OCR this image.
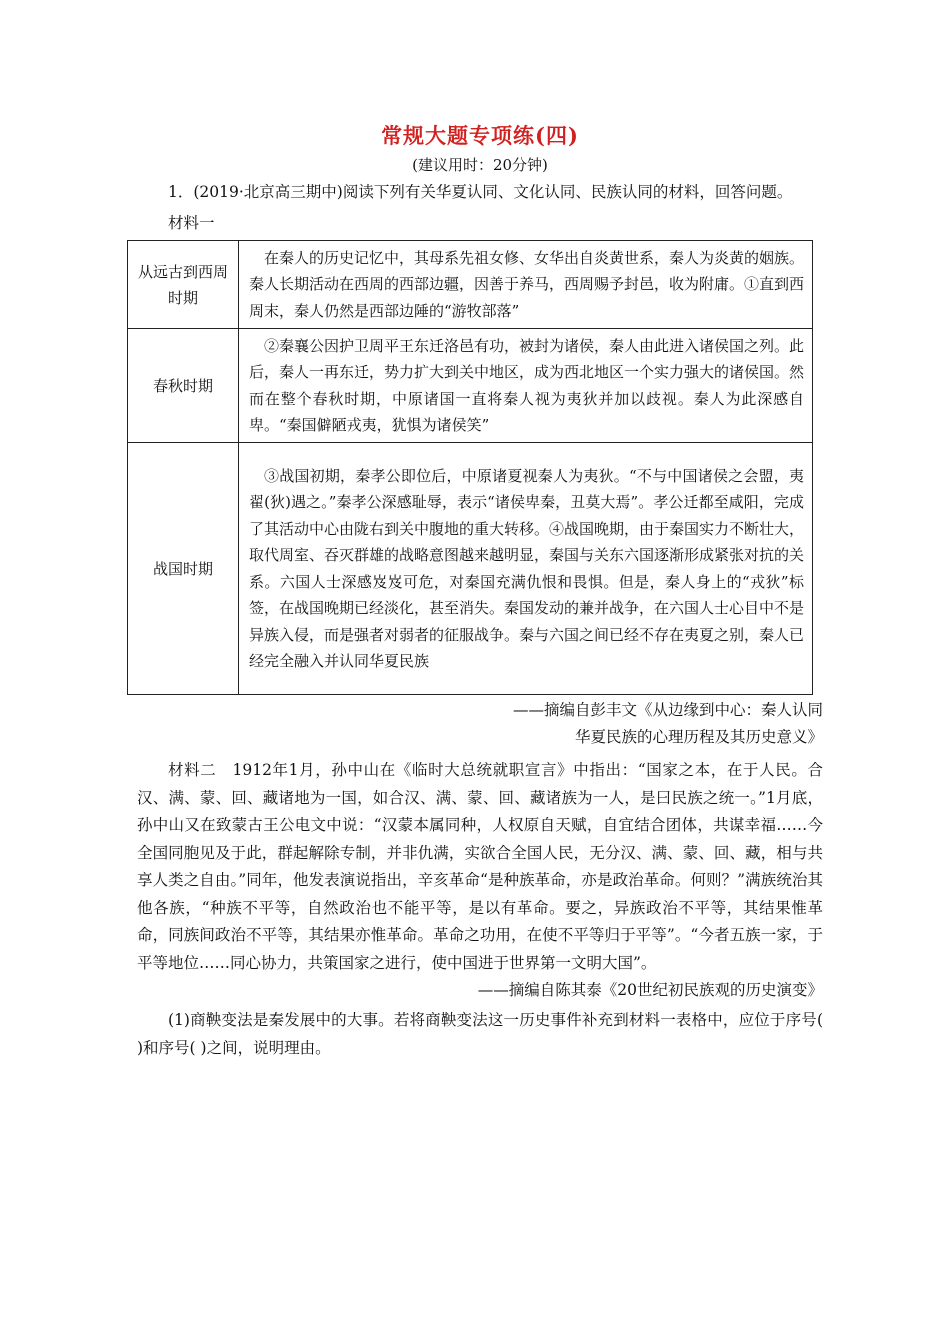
常规大题专项练(四)
(建议用时：20分钟)

1．(2019·北京高三期中)阅读下列有关华夏认同、文化认同、民族认同的材料，回答问题。

材料一

从远古到西周时期	在秦人的历史记忆中，其母系先祖女修、女华出自炎黄世系，秦人为炎黄的姻族。秦人长期活动在西周的西部边疆，因善于养马，西周赐予封邑，收为附庸。①直到西周末，秦人仍然是西部边陲的“游牧部落”

春秋时期	②秦襄公因护卫周平王东迁洛邑有功，被封为诸侯，秦人由此进入诸侯国之列。此后，秦人一再东迁，势力扩大到关中地区，成为西北地区一个实力强大的诸侯国。然而在整个春秋时期，中原诸国一直将秦人视为夷狄并加以歧视。秦人为此深感自卑。“秦国僻陋戎夷，犹惧为诸侯笑”

战国时期	③战国初期，秦孝公即位后，中原诸夏视秦人为夷狄。“不与中国诸侯之会盟，夷翟(狄)遇之。”秦孝公深感耻辱，表示“诸侯卑秦，丑莫大焉”。孝公迁都至咸阳，完成了其活动中心由陇右到关中腹地的重大转移。④战国晚期，由于秦国实力不断壮大，取代周室、吞灭群雄的战略意图越来越明显，秦国与关东六国逐渐形成紧张对抗的关系。六国人士深感岌岌可危，对秦国充满仇恨和畏惧。但是，秦人身上的“戎狄”标签，在战国晚期已经淡化，甚至消失。秦国发动的兼并战争，在六国人士心目中不是异族入侵，而是强者对弱者的征服战争。秦与六国之间已经不存在夷夏之别，秦人已经完全融入并认同华夏民族

——摘编自彭丰文《从边缘到中心：秦人认同

华夏民族的心理历程及其历史意义》

材料二　1912年1月，孙中山在《临时大总统就职宣言》中指出：“国家之本，在于人民。合汉、满、蒙、回、藏诸地为一国，如合汉、满、蒙、回、藏诸族为一人，是曰民族之统一。”1月底，孙中山又在致蒙古王公电文中说：“汉蒙本属同种，人权原自天赋，自宜结合团体，共谋幸福……今全国同胞见及于此，群起解除专制，并非仇满，实欲合全国人民，无分汉、满、蒙、回、藏，相与共享人类之自由。”同年，他发表演说指出，辛亥革命“是种族革命，亦是政治革命。何则？”满族统治其他各族，“种族不平等，自然政治也不能平等，是以有革命。要之，异族政治不平等，其结果惟革命，同族间政治不平等，其结果亦惟革命。革命之功用，在使不平等归于平等”。“今者五族一家，于平等地位……同心协力，共策国家之进行，使中国进于世界第一文明大国”。

——摘编自陈其泰《20世纪初民族观的历史演变》

(1)商鞅变法是秦发展中的大事。若将商鞅变法这一历史事件补充到材料一表格中，应位于序号( )和序号( )之间，说明理由。
